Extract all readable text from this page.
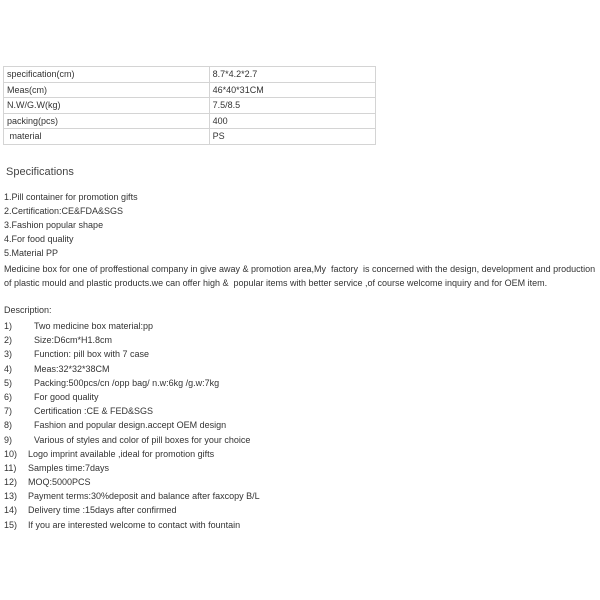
specification(cm)	8.7*4.2*2.7
Meas(cm)	46*40*31CM
N.W/G.W(kg)	7.5/8.5
packing(pcs)	400
material	PS
Specifications
1.Pill container for promotion gifts
2.Certification:CE&FDA&SGS
3.Fashion popular shape
4.For food quality
5.Material PP
Medicine box for one of proffestional company in give away & promotion area,My  factory  is concerned with the design, development and production of plastic mould and plastic products.we can offer high &  popular items with better service ,of course welcome inquiry and for OEM item.
Description:
1) Two medicine box material:pp
2) Size:D6cm*H1.8cm
3) Function: pill box with 7 case
4) Meas:32*32*38CM
5) Packing:500pcs/cn /opp bag/ n.w:6kg /g.w:7kg
6) For good quality
7) Certification :CE & FED&SGS
8) Fashion and popular design.accept OEM design
9) Various of styles and color of pill boxes for your choice
10) Logo imprint available ,ideal for promotion gifts
11) Samples time:7days
12) MOQ:5000PCS
13) Payment terms:30%deposit and balance after faxcopy B/L
14) Delivery time :15days after confirmed
15) If you are interested welcome to contact with fountain
